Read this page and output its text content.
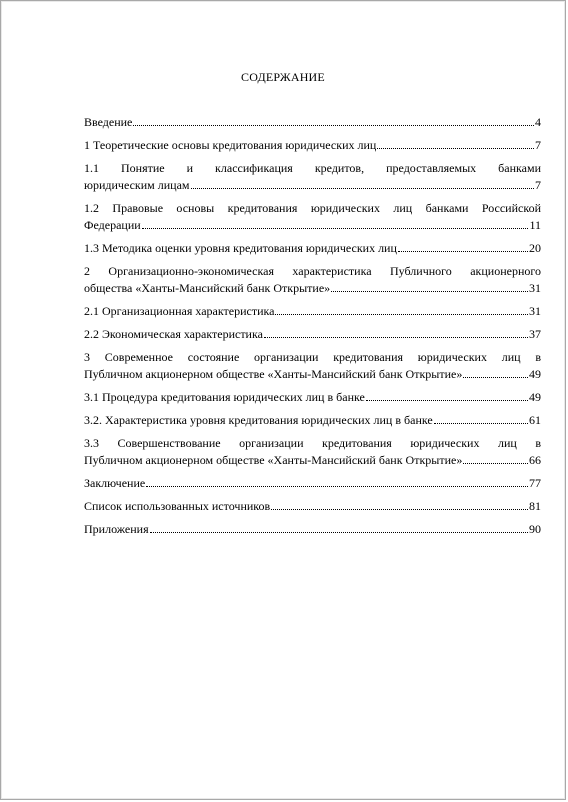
СОДЕРЖАНИЕ
Введение	4
1 Теоретические основы кредитования юридических лиц	7
1.1 Понятие и классификация кредитов, предоставляемых банками
юридическим лицам	7
1.2 Правовые основы кредитования юридических лиц банками Российской
Федерации	11
1.3 Методика оценки уровня кредитования юридических лиц	20
2 Организационно-экономическая характеристика Публичного акционерного
общества «Ханты-Мансийский банк Открытие»	31
2.1 Организационная характеристика	31
2.2 Экономическая характеристика	37
3 Современное состояние организации кредитования юридических лиц в
Публичном акционерном обществе «Ханты-Мансийский банк Открытие»	49
3.1 Процедура кредитования юридических лиц в банке	49
3.2. Характеристика уровня кредитования юридических лиц в банке	61
3.3 Совершенствование организации кредитования юридических лиц в
Публичном акционерном обществе «Ханты-Мансийский банк Открытие»	66
Заключение	77
Список использованных источников	81
Приложения	90
